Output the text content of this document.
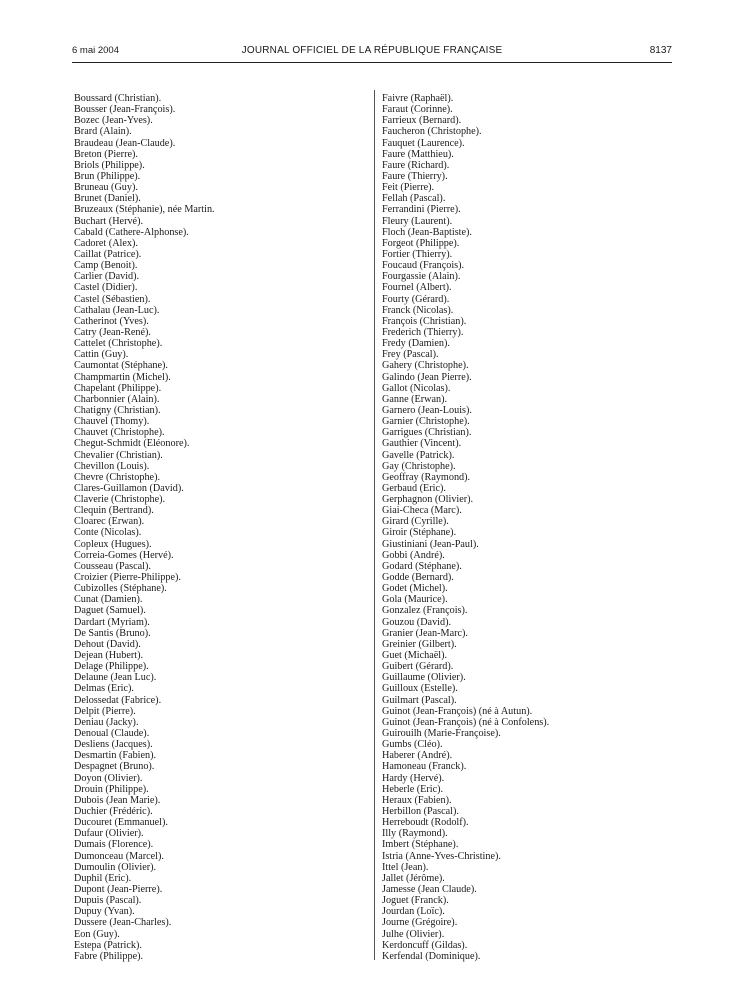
6 mai 2004	JOURNAL OFFICIEL DE LA RÉPUBLIQUE FRANÇAISE	8137
Boussard (Christian).
Bousser (Jean-François).
Bozec (Jean-Yves).
Brard (Alain).
Braudeau (Jean-Claude).
Breton (Pierre).
Briols (Philippe).
Brun (Philippe).
Bruneau (Guy).
Brunet (Daniel).
Bruzeaux (Stéphanie), née Martin.
Buchart (Hervé).
Cabald (Cathere-Alphonse).
Cadoret (Alex).
Caillat (Patrice).
Camp (Benoit).
Carlier (David).
Castel (Didier).
Castel (Sébastien).
Cathalau (Jean-Luc).
Catherinot (Yves).
Catry (Jean-René).
Cattelet (Christophe).
Cattin (Guy).
Caumontat (Stéphane).
Champmartin (Michel).
Chapelant (Philippe).
Charbonnier (Alain).
Chatigny (Christian).
Chauvel (Thomy).
Chauvet (Christophe).
Chegut-Schmidt (Eléonore).
Chevalier (Christian).
Chevillon (Louis).
Chevre (Christophe).
Clares-Guillamon (David).
Claverie (Christophe).
Clequin (Bertrand).
Cloarec (Erwan).
Conte (Nicolas).
Copleux (Hugues).
Correia-Gomes (Hervé).
Cousseau (Pascal).
Croizier (Pierre-Philippe).
Cubizolles (Stéphane).
Cunat (Damien).
Daguet (Samuel).
Dardart (Myriam).
De Santis (Bruno).
Dehout (David).
Dejean (Hubert).
Delage (Philippe).
Delaune (Jean Luc).
Delmas (Eric).
Delossedat (Fabrice).
Delpit (Pierre).
Deniau (Jacky).
Denoual (Claude).
Desliens (Jacques).
Desmartin (Fabien).
Despagnet (Bruno).
Doyon (Olivier).
Drouin (Philippe).
Dubois (Jean Marie).
Duchier (Frédéric).
Ducouret (Emmanuel).
Dufaur (Olivier).
Dumais (Florence).
Dumonceau (Marcel).
Dumoulin (Olivier).
Duphil (Eric).
Dupont (Jean-Pierre).
Dupuis (Pascal).
Dupuy (Yvan).
Dussere (Jean-Charles).
Eon (Guy).
Estepa (Patrick).
Fabre (Philippe).
Faivre (Raphaël).
Faraut (Corinne).
Farrieux (Bernard).
Faucheron (Christophe).
Fauquet (Laurence).
Faure (Matthieu).
Faure (Richard).
Faure (Thierry).
Feit (Pierre).
Fellah (Pascal).
Ferrandini (Pierre).
Fleury (Laurent).
Floch (Jean-Baptiste).
Forgeot (Philippe).
Fortier (Thierry).
Foucaud (François).
Fourgassie (Alain).
Fournel (Albert).
Fourty (Gérard).
Franck (Nicolas).
François (Christian).
Frederich (Thierry).
Fredy (Damien).
Frey (Pascal).
Gahery (Christophe).
Galindo (Jean Pierre).
Gallot (Nicolas).
Ganne (Erwan).
Garnero (Jean-Louis).
Garnier (Christophe).
Garrigues (Christian).
Gauthier (Vincent).
Gavelle (Patrick).
Gay (Christophe).
Geoffray (Raymond).
Gerbaud (Eric).
Gerphagnon (Olivier).
Giai-Checa (Marc).
Girard (Cyrille).
Giroir (Stéphane).
Giustiniani (Jean-Paul).
Gobbi (André).
Godard (Stéphane).
Godde (Bernard).
Godet (Michel).
Gola (Maurice).
Gonzalez (François).
Gouzou (David).
Granier (Jean-Marc).
Greinier (Gilbert).
Guet (Michaël).
Guibert (Gérard).
Guillaume (Olivier).
Guilloux (Estelle).
Guilmart (Pascal).
Guinot (Jean-François) (né à Autun).
Guinot (Jean-François) (né à Confolens).
Guirouilh (Marie-Françoise).
Gumbs (Cléo).
Haberer (André).
Hamoneau (Franck).
Hardy (Hervé).
Heberle (Eric).
Heraux (Fabien).
Herbillon (Pascal).
Herreboudt (Rodolf).
Illy (Raymond).
Imbert (Stéphane).
Istria (Anne-Yves-Christine).
Ittel (Jean).
Jallet (Jérôme).
Jamesse (Jean Claude).
Joguet (Franck).
Jourdan (Loïc).
Journe (Grégoire).
Julhe (Olivier).
Kerdoncuff (Gildas).
Kerfendal (Dominique).
